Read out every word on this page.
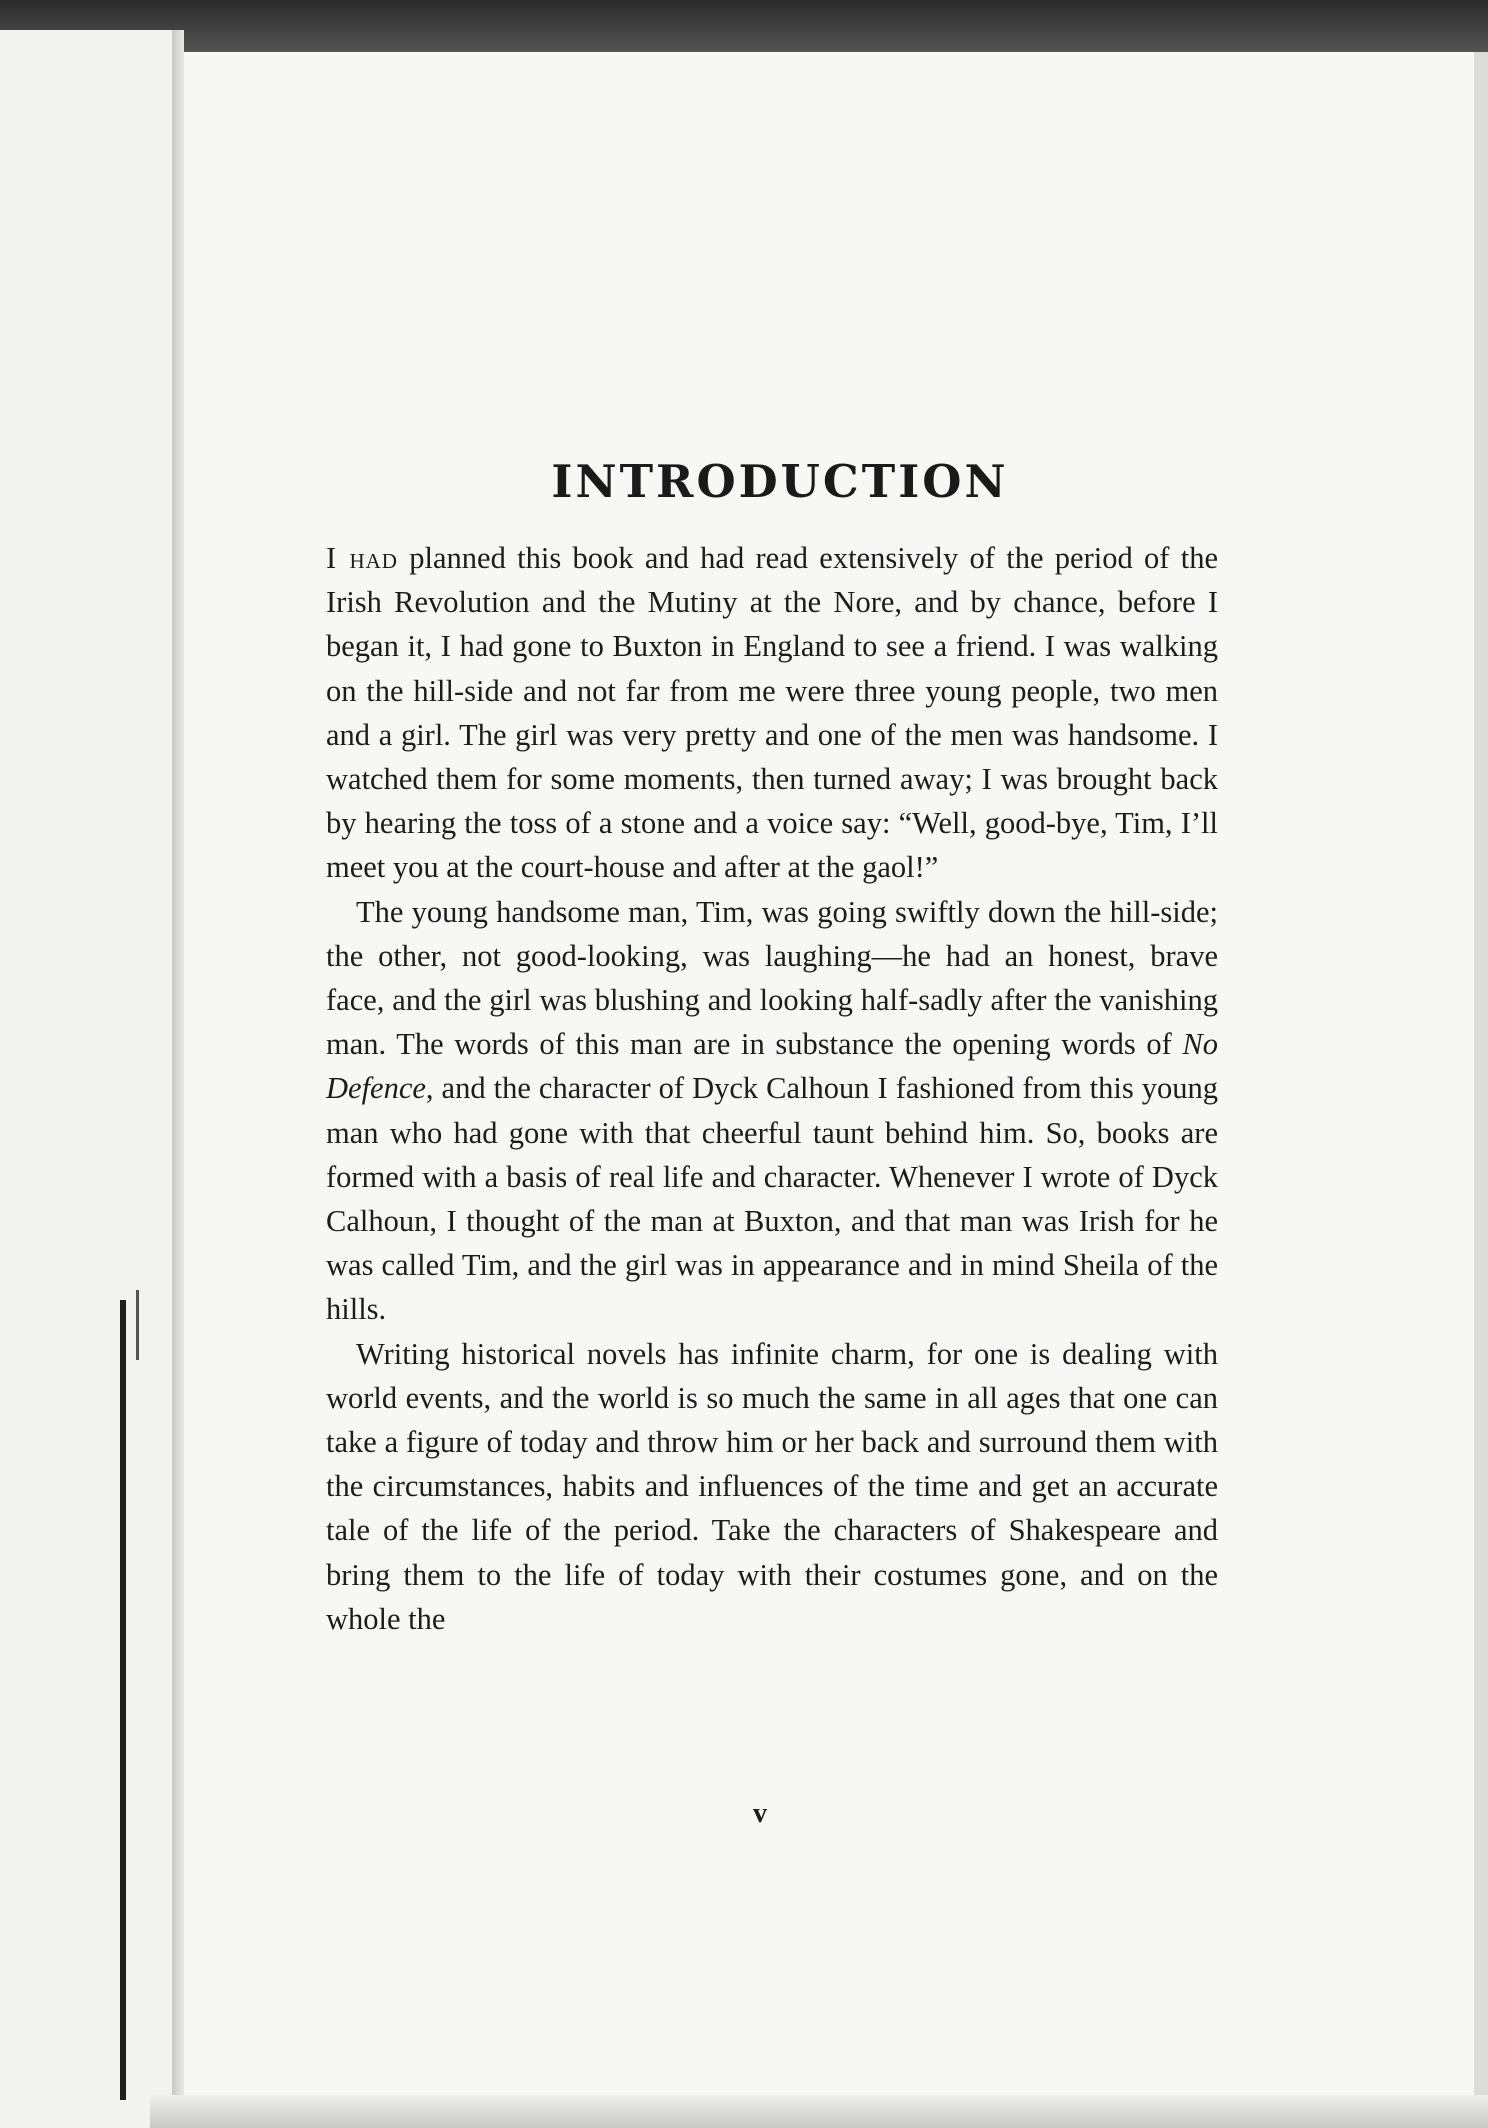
INTRODUCTION

I had planned this book and had read extensively of the period of the Irish Revolution and the Mutiny at the Nore, and by chance, before I began it, I had gone to Buxton in England to see a friend. I was walking on the hill-side and not far from me were three young people, two men and a girl. The girl was very pretty and one of the men was handsome. I watched them for some moments, then turned away; I was brought back by hearing the toss of a stone and a voice say: “Well, good-bye, Tim, I’ll meet you at the court-house and after at the gaol!”

The young handsome man, Tim, was going swiftly down the hill-side; the other, not good-looking, was laughing—he had an honest, brave face, and the girl was blushing and looking half-sadly after the vanishing man. The words of this man are in substance the opening words of No Defence, and the character of Dyck Calhoun I fashioned from this young man who had gone with that cheerful taunt behind him. So, books are formed with a basis of real life and character. Whenever I wrote of Dyck Calhoun, I thought of the man at Buxton, and that man was Irish for he was called Tim, and the girl was in appearance and in mind Sheila of the hills.

Writing historical novels has infinite charm, for one is dealing with world events, and the world is so much the same in all ages that one can take a figure of today and throw him or her back and surround them with the circumstances, habits and influences of the time and get an accurate tale of the life of the period. Take the characters of Shakespeare and bring them to the life of today with their costumes gone, and on the whole the

v
